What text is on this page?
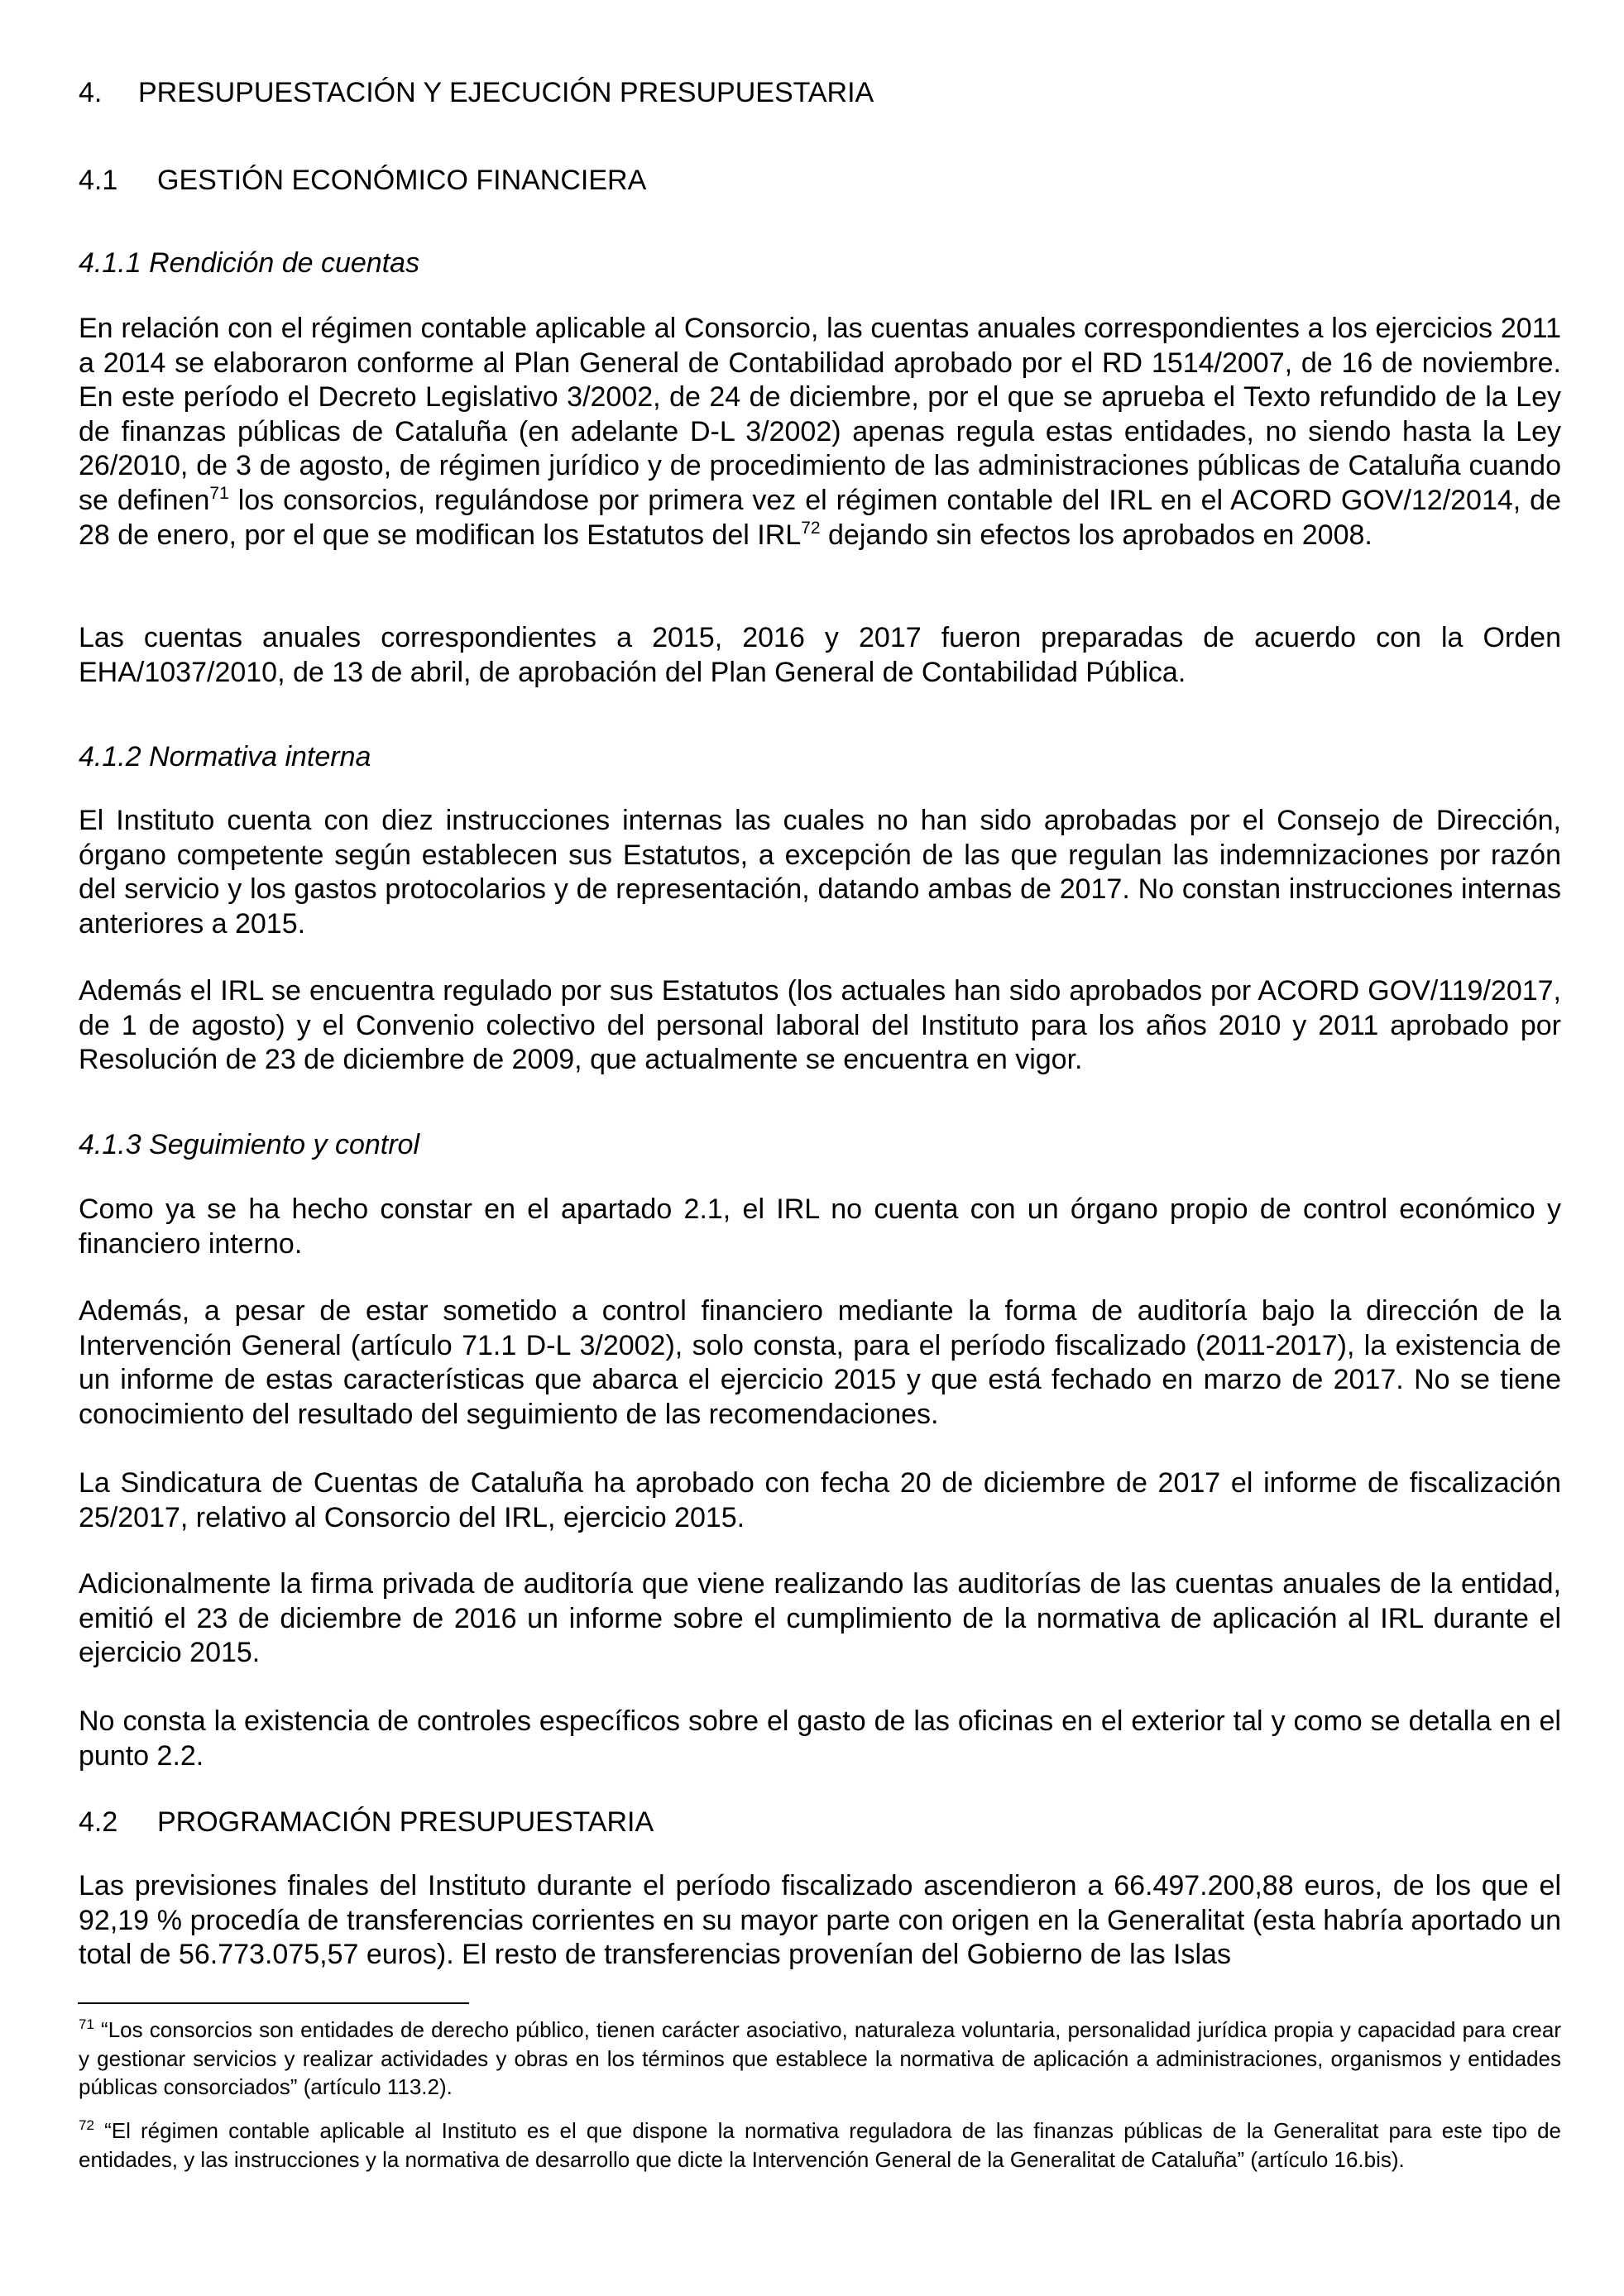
4. PRESUPUESTACIÓN Y EJECUCIÓN PRESUPUESTARIA
4.1 GESTIÓN ECONÓMICO FINANCIERA
4.1.1 Rendición de cuentas

En relación con el régimen contable aplicable al Consorcio, las cuentas anuales correspondientes a los ejercicios 2011 a 2014 se elaboraron conforme al Plan General de Contabilidad aprobado por el RD 1514/2007, de 16 de noviembre. En este período el Decreto Legislativo 3/2002, de 24 de diciembre, por el que se aprueba el Texto refundido de la Ley de finanzas públicas de Cataluña (en adelante D-L 3/2002) apenas regula estas entidades, no siendo hasta la Ley 26/2010, de 3 de agosto, de régimen jurídico y de procedimiento de las administraciones públicas de Cataluña cuando se definen$^{71}$ los consorcios, regulándose por primera vez el régimen contable del IRL en el ACORD GOV/12/2014, de 28 de enero, por el que se modifican los Estatutos del IRL$^{72}$ dejando sin efectos los aprobados en 2008.

Las cuentas anuales correspondientes a 2015, 2016 y 2017 fueron preparadas de acuerdo con la Orden EHA/1037/2010, de 13 de abril, de aprobación del Plan General de Contabilidad Pública.

4.1.2 Normativa interna

El Instituto cuenta con diez instrucciones internas las cuales no han sido aprobadas por el Consejo de Dirección, órgano competente según establecen sus Estatutos, a excepción de las que regulan las indemnizaciones por razón del servicio y los gastos protocolarios y de representación, datando ambas de 2017. No constan instrucciones internas anteriores a 2015.

Además el IRL se encuentra regulado por sus Estatutos (los actuales han sido aprobados por ACORD GOV/119/2017, de 1 de agosto) y el Convenio colectivo del personal laboral del Instituto para los años 2010 y 2011 aprobado por Resolución de 23 de diciembre de 2009, que actualmente se encuentra en vigor.

4.1.3 Seguimiento y control

Como ya se ha hecho constar en el apartado 2.1, el IRL no cuenta con un órgano propio de control económico y financiero interno.

Además, a pesar de estar sometido a control financiero mediante la forma de auditoría bajo la dirección de la Intervención General (artículo 71.1 D-L 3/2002), solo consta, para el período fiscalizado (2011-2017), la existencia de un informe de estas características que abarca el ejercicio 2015 y que está fechado en marzo de 2017. No se tiene conocimiento del resultado del seguimiento de las recomendaciones.

La Sindicatura de Cuentas de Cataluña ha aprobado con fecha 20 de diciembre de 2017 el informe de fiscalización 25/2017, relativo al Consorcio del IRL, ejercicio 2015.

Adicionalmente la firma privada de auditoría que viene realizando las auditorías de las cuentas anuales de la entidad, emitió el 23 de diciembre de 2016 un informe sobre el cumplimiento de la normativa de aplicación al IRL durante el ejercicio 2015.

No consta la existencia de controles específicos sobre el gasto de las oficinas en el exterior tal y como se detalla en el punto 2.2.

4.2 PROGRAMACIÓN PRESUPUESTARIA

Las previsiones finales del Instituto durante el período fiscalizado ascendieron a 66.497.200,88 euros, de los que el 92,19 % procedía de transferencias corrientes en su mayor parte con origen en la Generalitat (esta habría aportado un total de 56.773.075,57 euros). El resto de transferencias provenían del Gobierno de las Islas

$^{71}$ “Los consorcios son entidades de derecho público, tienen carácter asociativo, naturaleza voluntaria, personalidad jurídica propia y capacidad para crear y gestionar servicios y realizar actividades y obras en los términos que establece la normativa de aplicación a administraciones, organismos y entidades públicas consorciados” (artículo 113.2).

$^{72}$ “El régimen contable aplicable al Instituto es el que dispone la normativa reguladora de las finanzas públicas de la Generalitat para este tipo de entidades, y las instrucciones y la normativa de desarrollo que dicte la Intervención General de la Generalitat de Cataluña” (artículo 16.bis).
